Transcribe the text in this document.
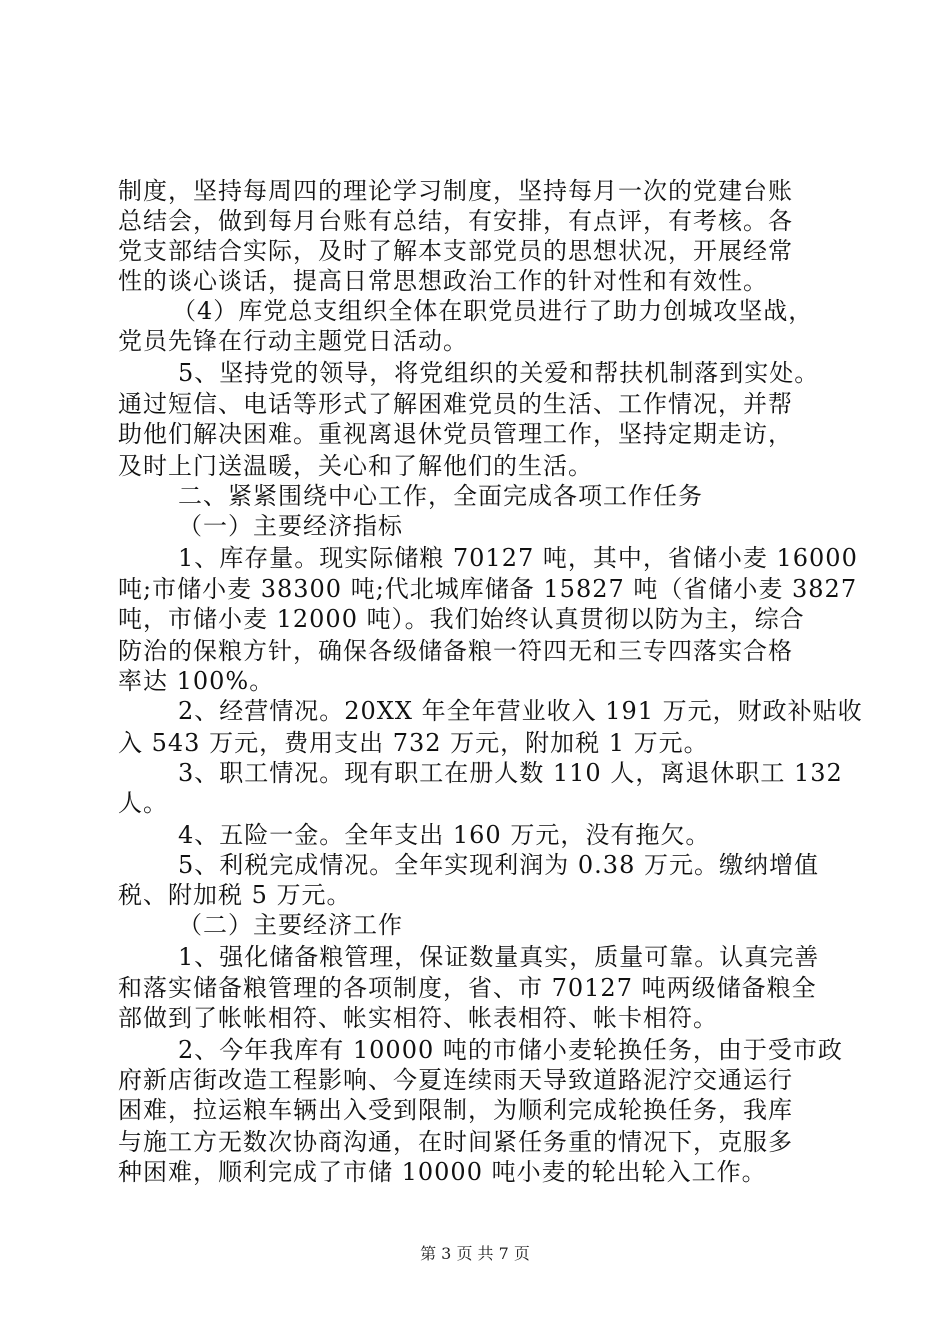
制度，坚持每周四的理论学习制度，坚持每月一次的党建台账
总结会，做到每月台账有总结，有安排，有点评，有考核。各
党支部结合实际，及时了解本支部党员的思想状况，开展经常
性的谈心谈话，提高日常思想政治工作的针对性和有效性。
（4）库党总支组织全体在职党员进行了助力创城攻坚战，
党员先锋在行动主题党日活动。
5、坚持党的领导，将党组织的关爱和帮扶机制落到实处。
通过短信、电话等形式了解困难党员的生活、工作情况，并帮
助他们解决困难。重视离退休党员管理工作，坚持定期走访，
及时上门送温暖，关心和了解他们的生活。
二、紧紧围绕中心工作，全面完成各项工作任务
（一）主要经济指标
1、库存量。现实际储粮 70127 吨，其中，省储小麦 16000
吨;市储小麦 38300 吨;代北城库储备 15827 吨（省储小麦 3827
吨，市储小麦 12000 吨）。我们始终认真贯彻以防为主，综合
防治的保粮方针，确保各级储备粮一符四无和三专四落实合格
率达 100%。
2、经营情况。20XX 年全年营业收入 191 万元，财政补贴收
入 543 万元，费用支出 732 万元，附加税 1 万元。
3、职工情况。现有职工在册人数 110 人，离退休职工 132
人。
4、五险一金。全年支出 160 万元，没有拖欠。
5、利税完成情况。全年实现利润为 0.38 万元。缴纳增值
税、附加税 5 万元。
（二）主要经济工作
1、强化储备粮管理，保证数量真实，质量可靠。认真完善
和落实储备粮管理的各项制度，省、市 70127 吨两级储备粮全
部做到了帐帐相符、帐实相符、帐表相符、帐卡相符。
2、今年我库有 10000 吨的市储小麦轮换任务，由于受市政
府新店街改造工程影响、今夏连续雨天导致道路泥泞交通运行
困难，拉运粮车辆出入受到限制，为顺利完成轮换任务，我库
与施工方无数次协商沟通，在时间紧任务重的情况下，克服多
种困难，顺利完成了市储 10000 吨小麦的轮出轮入工作。
第 3 页 共 7 页
